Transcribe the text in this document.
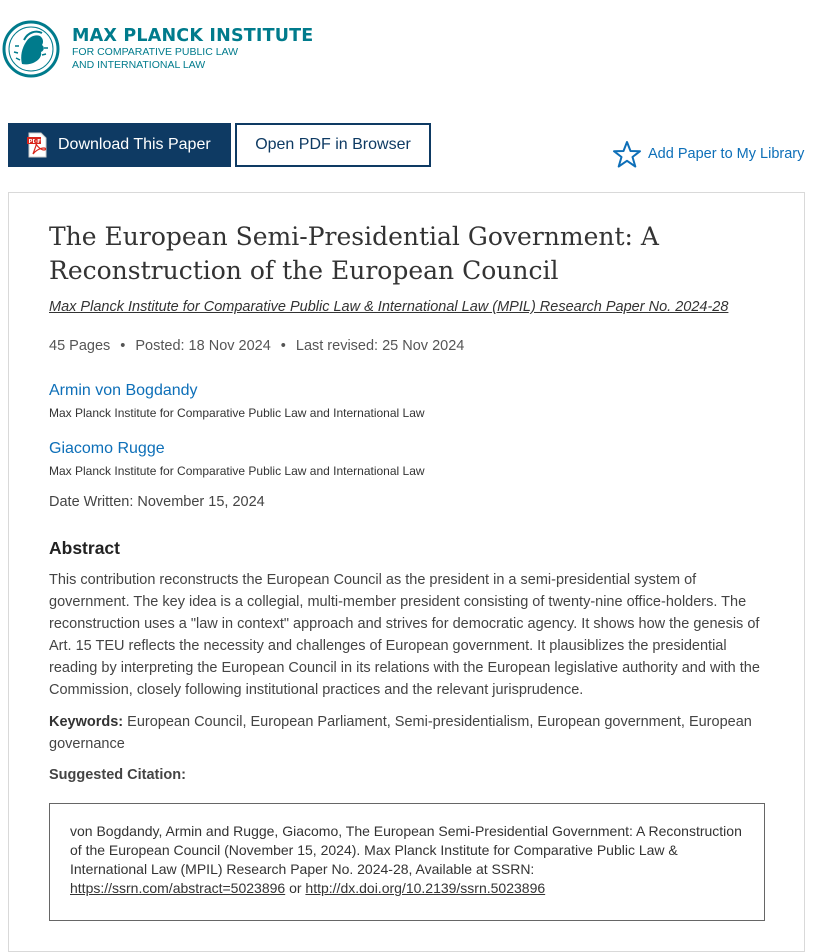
MAX PLANCK INSTITUTE
FOR COMPARATIVE PUBLIC LAW
AND INTERNATIONAL LAW
PDF Download This Paper	Open PDF in Browser
Add Paper to My Library
The European Semi-Presidential Government: A Reconstruction of the European Council
Max Planck Institute for Comparative Public Law & International Law (MPIL) Research Paper No. 2024-28
45 Pages • Posted: 18 Nov 2024 • Last revised: 25 Nov 2024
Armin von Bogdandy
Max Planck Institute for Comparative Public Law and International Law
Giacomo Rugge
Max Planck Institute for Comparative Public Law and International Law
Date Written: November 15, 2024
Abstract
This contribution reconstructs the European Council as the president in a semi-presidential system of government. The key idea is a collegial, multi-member president consisting of twenty-nine office-holders. The reconstruction uses a "law in context" approach and strives for democratic agency. It shows how the genesis of Art. 15 TEU reflects the necessity and challenges of European government. It plausiblizes the presidential reading by interpreting the European Council in its relations with the European legislative authority and with the Commission, closely following institutional practices and the relevant jurisprudence.
Keywords: European Council, European Parliament, Semi-presidentialism, European government, European governance
Suggested Citation:
von Bogdandy, Armin and Rugge, Giacomo, The European Semi-Presidential Government: A Reconstruction of the European Council (November 15, 2024). Max Planck Institute for Comparative Public Law & International Law (MPIL) Research Paper No. 2024-28, Available at SSRN: https://ssrn.com/abstract=5023896 or http://dx.doi.org/10.2139/ssrn.5023896
